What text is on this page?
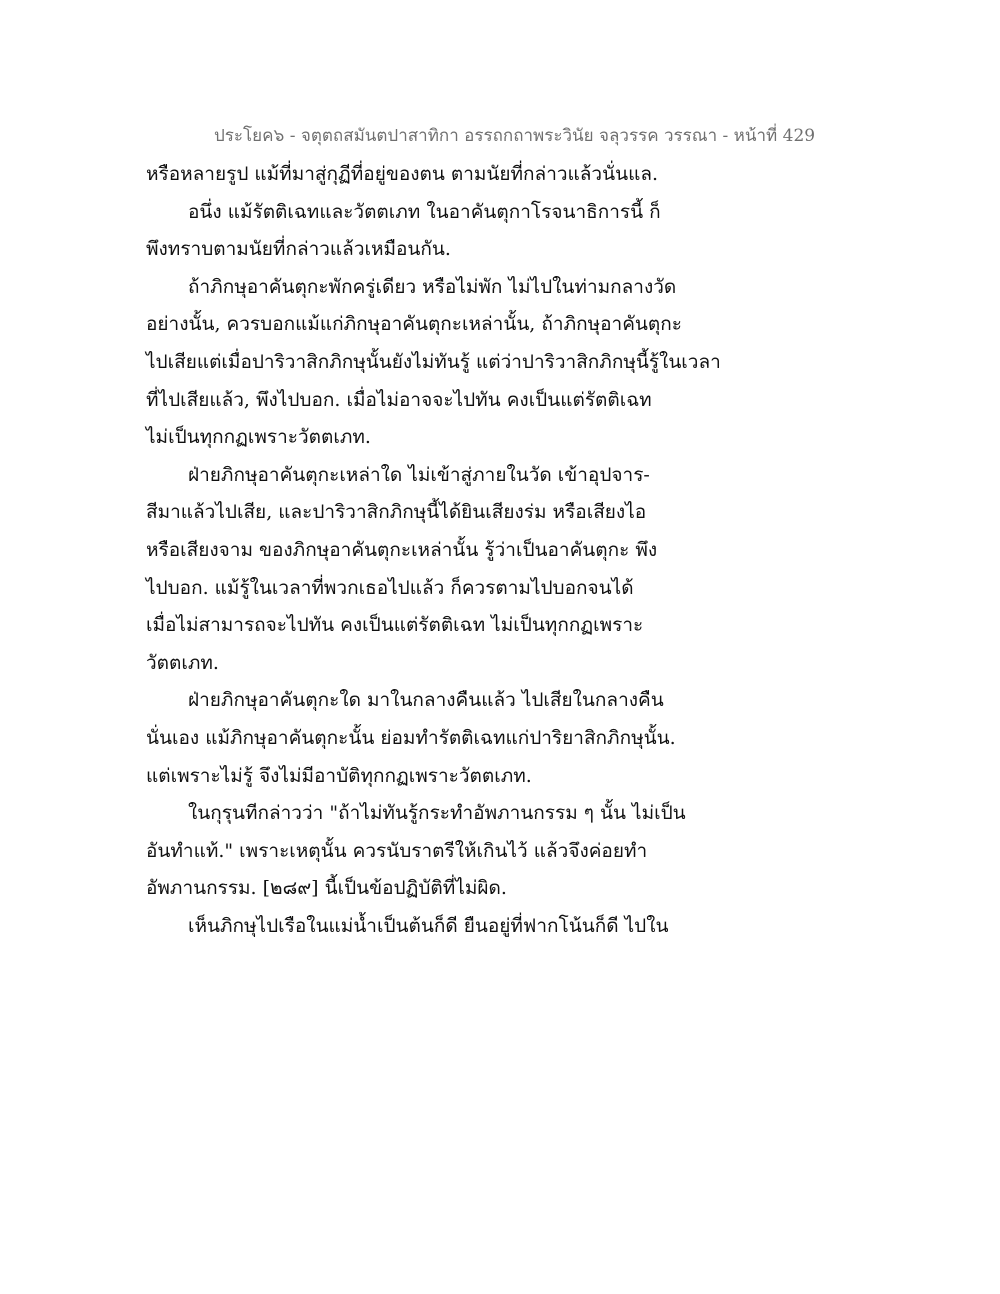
ประโยค๖ - จตุตถสมันตปาสาทิกา อรรถกถาพระวินัย จลุวรรค วรรณา - หน้าที่ 429
หรือหลายรูป แม้ที่มาสู่กุฏีที่อยู่ของตน ตามนัยที่กล่าวแล้วนั่นแล.
อนึ่ง แม้รัตติเฉทและวัตตเภท ในอาคันตุกาโรจนาธิการนี้ ก็
พึงทราบตามนัยที่กล่าวแล้วเหมือนกัน.
ถ้าภิกษุอาคันตุกะพักครู่เดียว หรือไม่พัก ไม่ไปในท่ามกลางวัด
อย่างนั้น, ควรบอกแม้แก่ภิกษุอาคันตุกะเหล่านั้น, ถ้าภิกษุอาคันตุกะ
ไปเสียแต่เมื่อปาริวาสิกภิกษุนั้นยังไม่ทันรู้ แต่ว่าปาริวาสิกภิกษุนี้รู้ในเวลา
ที่ไปเสียแล้ว, พึงไปบอก. เมื่อไม่อาจจะไปทัน คงเป็นแต่รัตติเฉท
ไม่เป็นทุกกฏเพราะวัตตเภท.
ฝ่ายภิกษุอาคันตุกะเหล่าใด ไม่เข้าสู่ภายในวัด เข้าอุปจาร-
สีมาแล้วไปเสีย, และปาริวาสิกภิกษุนี้ได้ยินเสียงร่ม หรือเสียงไอ
หรือเสียงจาม ของภิกษุอาคันตุกะเหล่านั้น รู้ว่าเป็นอาคันตุกะ พึง
ไปบอก. แม้รู้ในเวลาที่พวกเธอไปแล้ว ก็ควรตามไปบอกจนได้
เมื่อไม่สามารถจะไปทัน คงเป็นแต่รัตติเฉท ไม่เป็นทุกกฏเพราะ
วัตตเภท.
ฝ่ายภิกษุอาคันตุกะใด มาในกลางคืนแล้ว ไปเสียในกลางคืน
นั่นเอง แม้ภิกษุอาคันตุกะนั้น ย่อมทำรัตติเฉทแก่ปาริยาสิกภิกษุนั้น.
แต่เพราะไม่รู้ จึงไม่มีอาบัติทุกกฏเพราะวัตตเภท.
ในกุรุนทีกล่าวว่า "ถ้าไม่ทันรู้กระทำอัพภานกรรม ๆ นั้น ไม่เป็น
อันทำแท้." เพราะเหตุนั้น ควรนับราตรีให้เกินไว้ แล้วจึงค่อยทำ
อัพภานกรรม. [๒๘๙] นี้เป็นข้อปฏิบัติที่ไม่ผิด.
เห็นภิกษุไปเรือในแม่น้ำเป็นต้นก็ดี ยืนอยู่ที่ฟากโน้นก็ดี ไปใน
